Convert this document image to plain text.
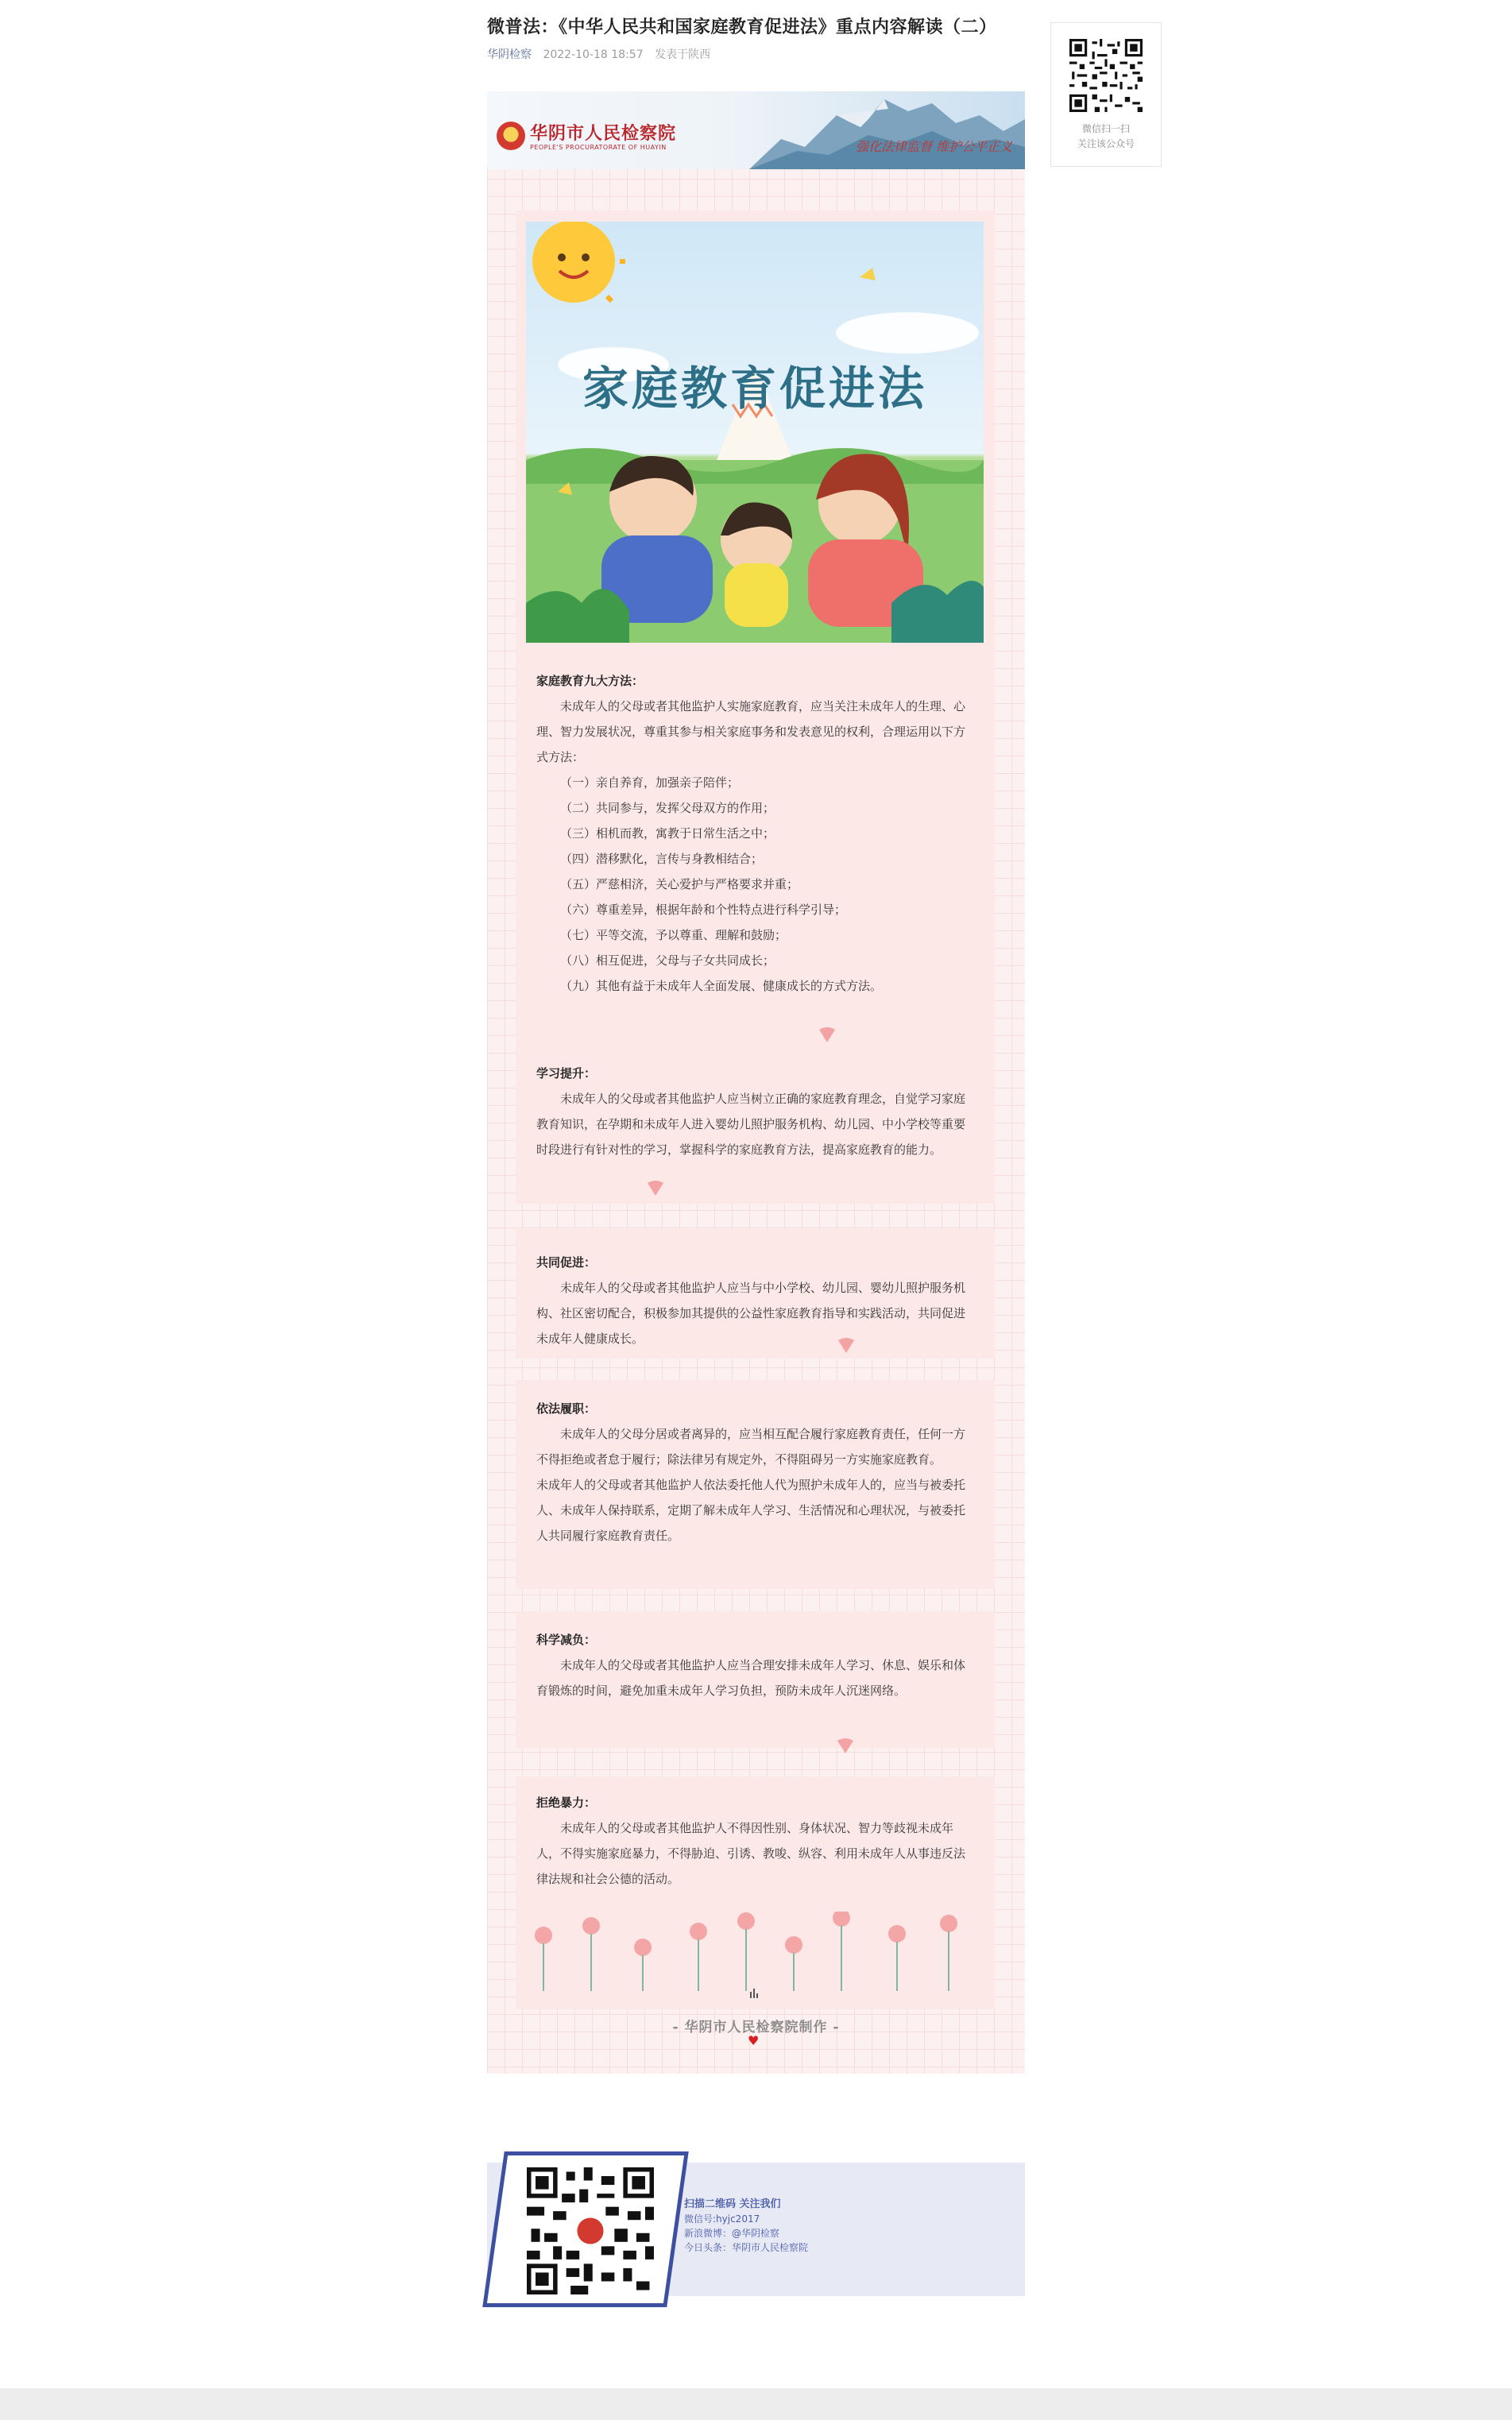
微普法：《中华人民共和国家庭教育促进法》重点内容解读（二）
华阴检察 2022-10-18 18:57 发表于陕西
微信扫一扫
关注该公众号
华阴市人民检察院
PEOPLE'S PROCURATORATE OF HUAYIN	强化法律监督 维护公平正义
家庭教育促进法
家庭教育九大方法：

未成年人的父母或者其他监护人实施家庭教育，应当关注未成年人的生理、心理、智力发展状况，尊重其参与相关家庭事务和发表意见的权利，合理运用以下方式方法：

（一）亲自养育，加强亲子陪伴；
（二）共同参与，发挥父母双方的作用；
（三）相机而教，寓教于日常生活之中；
（四）潜移默化，言传与身教相结合；
（五）严慈相济，关心爱护与严格要求并重；
（六）尊重差异，根据年龄和个性特点进行科学引导；
（七）平等交流，予以尊重、理解和鼓励；
（八）相互促进，父母与子女共同成长；
（九）其他有益于未成年人全面发展、健康成长的方式方法。
学习提升：

未成年人的父母或者其他监护人应当树立正确的家庭教育理念，自觉学习家庭教育知识，在孕期和未成年人进入婴幼儿照护服务机构、幼儿园、中小学校等重要时段进行有针对性的学习，掌握科学的家庭教育方法，提高家庭教育的能力。

共同促进：

未成年人的父母或者其他监护人应当与中小学校、幼儿园、婴幼儿照护服务机构、社区密切配合，积极参加其提供的公益性家庭教育指导和实践活动，共同促进未成年人健康成长。

依法履职：

未成年人的父母分居或者离异的，应当相互配合履行家庭教育责任，任何一方不得拒绝或者怠于履行；除法律另有规定外，不得阻碍另一方实施家庭教育。

未成年人的父母或者其他监护人依法委托他人代为照护未成年人的，应当与被委托人、未成年人保持联系，定期了解未成年人学习、生活情况和心理状况，与被委托人共同履行家庭教育责任。

科学减负：

未成年人的父母或者其他监护人应当合理安排未成年人学习、休息、娱乐和体育锻炼的时间，避免加重未成年人学习负担，预防未成年人沉迷网络。

拒绝暴力：

未成年人的父母或者其他监护人不得因性别、身体状况、智力等歧视未成年人，不得实施家庭暴力，不得胁迫、引诱、教唆、纵容、利用未成年人从事违反法律法规和社会公德的活动。

♥
- 华阴市人民检察院制作 -
扫描二维码 关注我们
微信号:hyjc2017
新浪微博：@华阴检察
今日头条：华阴市人民检察院
